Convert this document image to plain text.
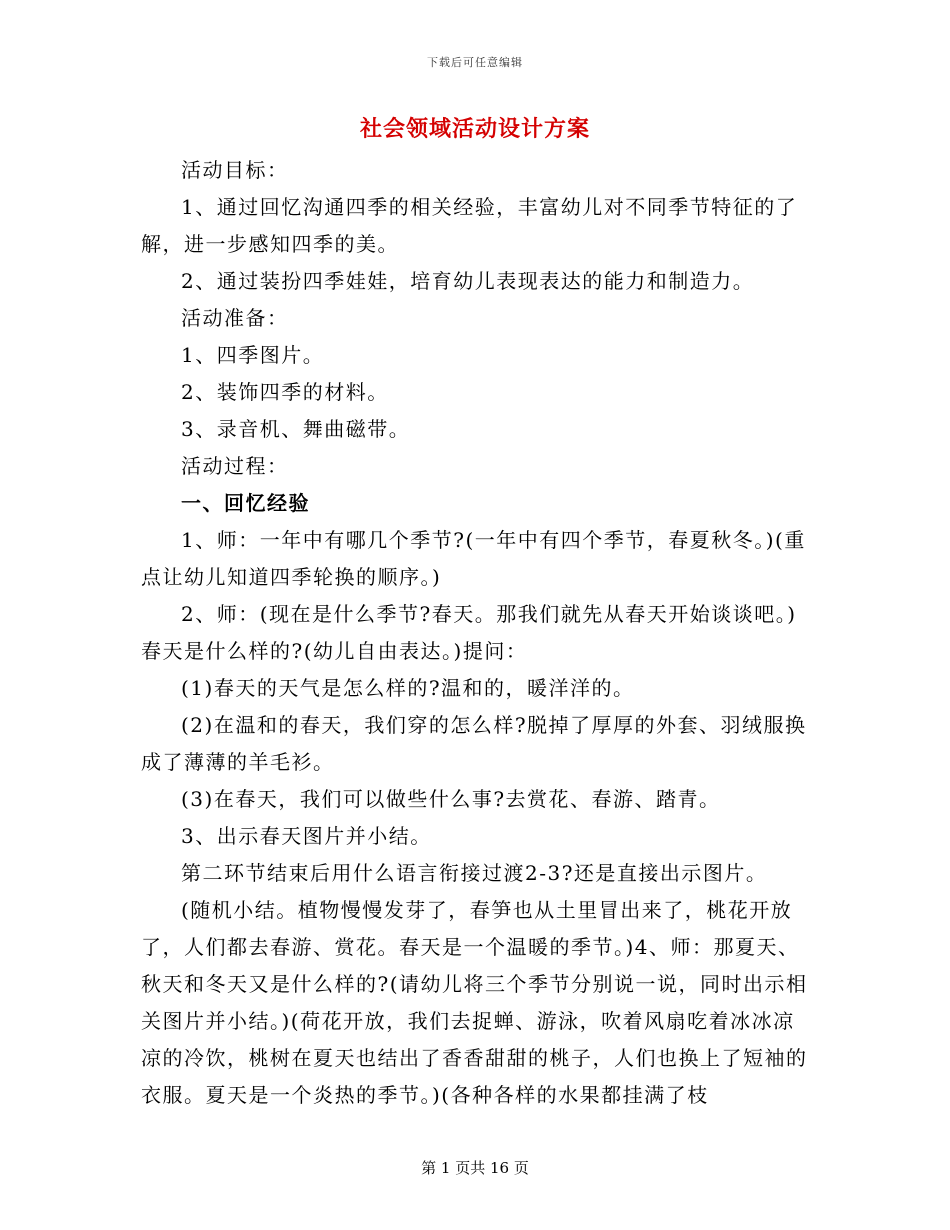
下载后可任意编辑
社会领域活动设计方案

活动目标：

1、通过回忆沟通四季的相关经验，丰富幼儿对不同季节特征的了解，进一步感知四季的美。

2、通过装扮四季娃娃，培育幼儿表现表达的能力和制造力。

活动准备：

1、四季图片。

2、装饰四季的材料。

3、录音机、舞曲磁带。

活动过程：

一、回忆经验

1、师：一年中有哪几个季节?(一年中有四个季节，春夏秋冬。)(重点让幼儿知道四季轮换的顺序。)

2、师：(现在是什么季节?春天。那我们就先从春天开始谈谈吧。)春天是什么样的?(幼儿自由表达。)提问：

(1)春天的天气是怎么样的?温和的，暖洋洋的。

(2)在温和的春天，我们穿的怎么样?脱掉了厚厚的外套、羽绒服换成了薄薄的羊毛衫。

(3)在春天，我们可以做些什么事?去赏花、春游、踏青。

3、出示春天图片并小结。

第二环节结束后用什么语言衔接过渡2-3?还是直接出示图片。

(随机小结。植物慢慢发芽了，春笋也从土里冒出来了，桃花开放了，人们都去春游、赏花。春天是一个温暖的季节。)4、师：那夏天、秋天和冬天又是什么样的?(请幼儿将三个季节分别说一说，同时出示相关图片并小结。)(荷花开放，我们去捉蝉、游泳，吹着风扇吃着冰冰凉凉的冷饮，桃树在夏天也结出了香香甜甜的桃子，人们也换上了短袖的衣服。夏天是一个炎热的季节。)(各种各样的水果都挂满了枝

第 1 页共 16 页
